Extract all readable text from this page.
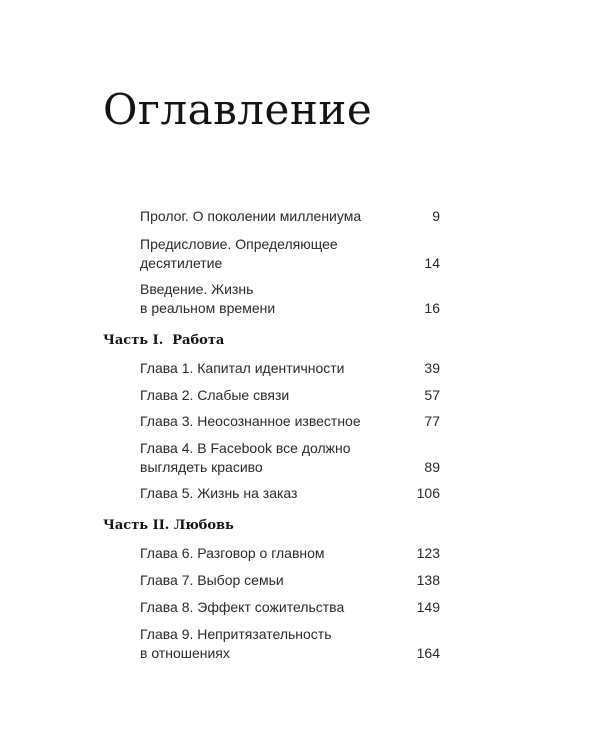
Оглавление
Пролог. О поколении миллениума	9
Предисловие. Определяющее
десятилетие	14
Введение. Жизнь
в реальном времени	16
Часть I.  Работа
Глава 1. Капитал идентичности	39
Глава 2. Слабые связи	57
Глава 3. Неосознанное известное	77
Глава 4. В Facebook все должно
выглядеть красиво	89
Глава 5. Жизнь на заказ	106
Часть II. Любовь
Глава 6. Разговор о главном	123
Глава 7. Выбор семьи	138
Глава 8. Эффект сожительства	149
Глава 9. Непритязательность
в отношениях	164
